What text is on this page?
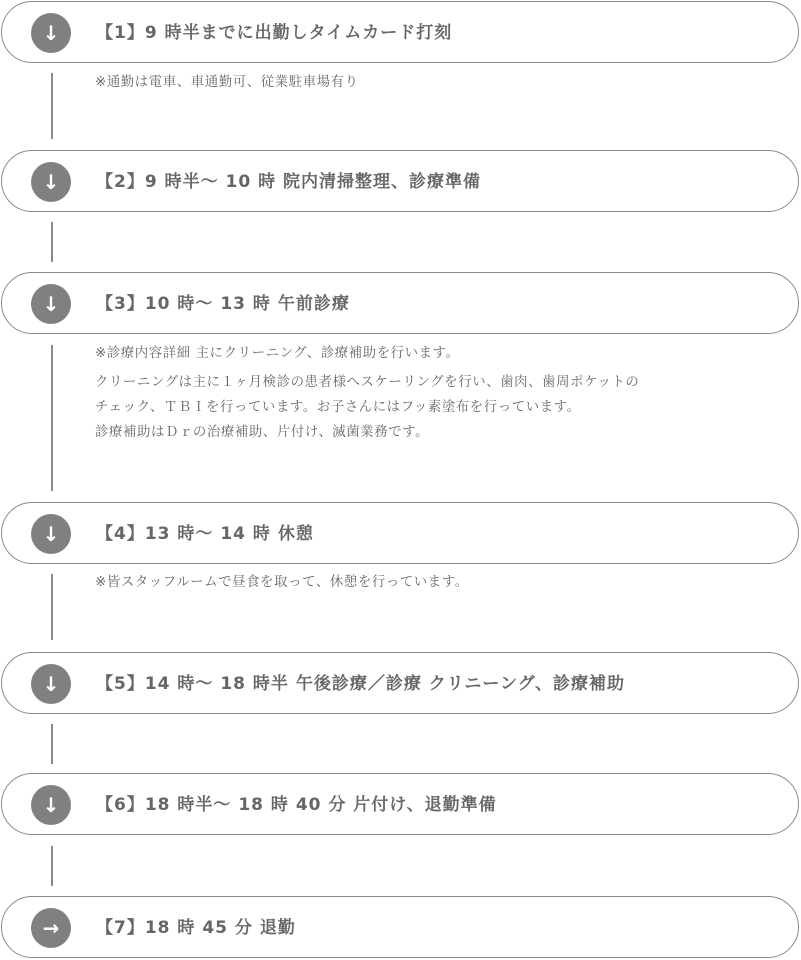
↓	【1】9 時半までに出勤しタイムカード打刻

※通勤は電車、車通勤可、従業駐車場有り

↓	【2】9 時半～ 10 時 院内清掃整理、診療準備
↓	【3】10 時～ 13 時 午前診療

※診療内容詳細 主にクリーニング、診療補助を行います。

クリーニングは主に１ヶ月検診の患者様へスケーリングを行い、歯肉、歯周ポケットの

チェック、ＴＢＩを行っています。お子さんにはフッ素塗布を行っています。

診療補助はＤｒの治療補助、片付け、滅菌業務です。

↓	【4】13 時～ 14 時 休憩

※皆スタッフルームで昼食を取って、休憩を行っています。

↓	【5】14 時～ 18 時半 午後診療／診療 クリニーング、診療補助
↓	【6】18 時半～ 18 時 40 分 片付け、退勤準備
→	【7】18 時 45 分 退勤
